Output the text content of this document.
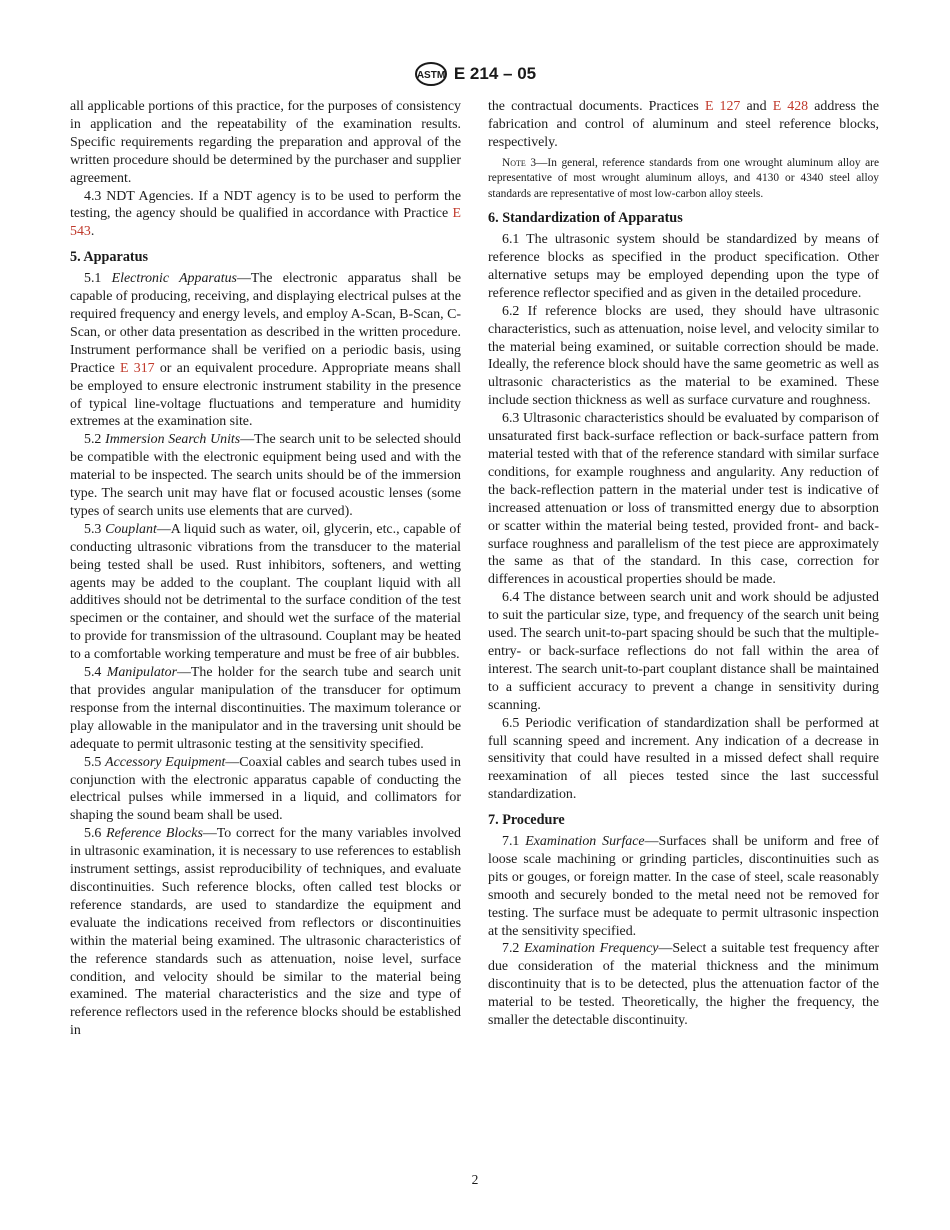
ASTM E 214 – 05

all applicable portions of this practice, for the purposes of consistency in application and the repeatability of the examination results. Specific requirements regarding the preparation and approval of the written procedure should be determined by the purchaser and supplier agreement.

4.3 NDT Agencies. If a NDT agency is to be used to perform the testing, the agency should be qualified in accordance with Practice E 543.

5. Apparatus

5.1 Electronic Apparatus—The electronic apparatus shall be capable of producing, receiving, and displaying electrical pulses at the required frequency and energy levels, and employ A-Scan, B-Scan, C-Scan, or other data presentation as described in the written procedure. Instrument performance shall be verified on a periodic basis, using Practice E 317 or an equivalent procedure. Appropriate means shall be employed to ensure electronic instrument stability in the presence of typical line-voltage fluctuations and temperature and humidity extremes at the examination site.

5.2 Immersion Search Units—The search unit to be selected should be compatible with the electronic equipment being used and with the material to be inspected. The search units should be of the immersion type. The search unit may have flat or focused acoustic lenses (some types of search units use elements that are curved).

5.3 Couplant—A liquid such as water, oil, glycerin, etc., capable of conducting ultrasonic vibrations from the transducer to the material being tested shall be used. Rust inhibitors, softeners, and wetting agents may be added to the couplant. The couplant liquid with all additives should not be detrimental to the surface condition of the test specimen or the container, and should wet the surface of the material to provide for transmission of the ultrasound. Couplant may be heated to a comfortable working temperature and must be free of air bubbles.

5.4 Manipulator—The holder for the search tube and search unit that provides angular manipulation of the transducer for optimum response from the internal discontinuities. The maximum tolerance or play allowable in the manipulator and in the traversing unit should be adequate to permit ultrasonic testing at the sensitivity specified.

5.5 Accessory Equipment—Coaxial cables and search tubes used in conjunction with the electronic apparatus capable of conducting the electrical pulses while immersed in a liquid, and collimators for shaping the sound beam shall be used.

5.6 Reference Blocks—To correct for the many variables involved in ultrasonic examination, it is necessary to use references to establish instrument settings, assist reproducibility of techniques, and evaluate discontinuities. Such reference blocks, often called test blocks or reference standards, are used to standardize the equipment and evaluate the indications received from reflectors or discontinuities within the material being examined. The ultrasonic characteristics of the reference standards such as attenuation, noise level, surface condition, and velocity should be similar to the material being examined. The material characteristics and the size and type of reference reflectors used in the reference blocks should be established in

the contractual documents. Practices E 127 and E 428 address the fabrication and control of aluminum and steel reference blocks, respectively.

Note 3—In general, reference standards from one wrought aluminum alloy are representative of most wrought aluminum alloys, and 4130 or 4340 steel alloy standards are representative of most low-carbon alloy steels.

6. Standardization of Apparatus

6.1 The ultrasonic system should be standardized by means of reference blocks as specified in the product specification. Other alternative setups may be employed depending upon the type of reference reflector specified and as given in the detailed procedure.

6.2 If reference blocks are used, they should have ultrasonic characteristics, such as attenuation, noise level, and velocity similar to the material being examined, or suitable correction should be made. Ideally, the reference block should have the same geometric as well as ultrasonic characteristics as the material to be examined. These include section thickness as well as surface curvature and roughness.

6.3 Ultrasonic characteristics should be evaluated by comparison of unsaturated first back-surface reflection or back-surface pattern from material tested with that of the reference standard with similar surface conditions, for example roughness and angularity. Any reduction of the back-reflection pattern in the material under test is indicative of increased attenuation or loss of transmitted energy due to absorption or scatter within the material being tested, provided front- and back-surface roughness and parallelism of the test piece are approximately the same as that of the standard. In this case, correction for differences in acoustical properties should be made.

6.4 The distance between search unit and work should be adjusted to suit the particular size, type, and frequency of the search unit being used. The search unit-to-part spacing should be such that the multiple-entry- or back-surface reflections do not fall within the area of interest. The search unit-to-part couplant distance shall be maintained to a sufficient accuracy to prevent a change in sensitivity during scanning.

6.5 Periodic verification of standardization shall be performed at full scanning speed and increment. Any indication of a decrease in sensitivity that could have resulted in a missed defect shall require reexamination of all pieces tested since the last successful standardization.

7. Procedure

7.1 Examination Surface—Surfaces shall be uniform and free of loose scale machining or grinding particles, discontinuities such as pits or gouges, or foreign matter. In the case of steel, scale reasonably smooth and securely bonded to the metal need not be removed for testing. The surface must be adequate to permit ultrasonic inspection at the sensitivity specified.

7.2 Examination Frequency—Select a suitable test frequency after due consideration of the material thickness and the minimum discontinuity that is to be detected, plus the attenuation factor of the material to be tested. Theoretically, the higher the frequency, the smaller the detectable discontinuity.

2
